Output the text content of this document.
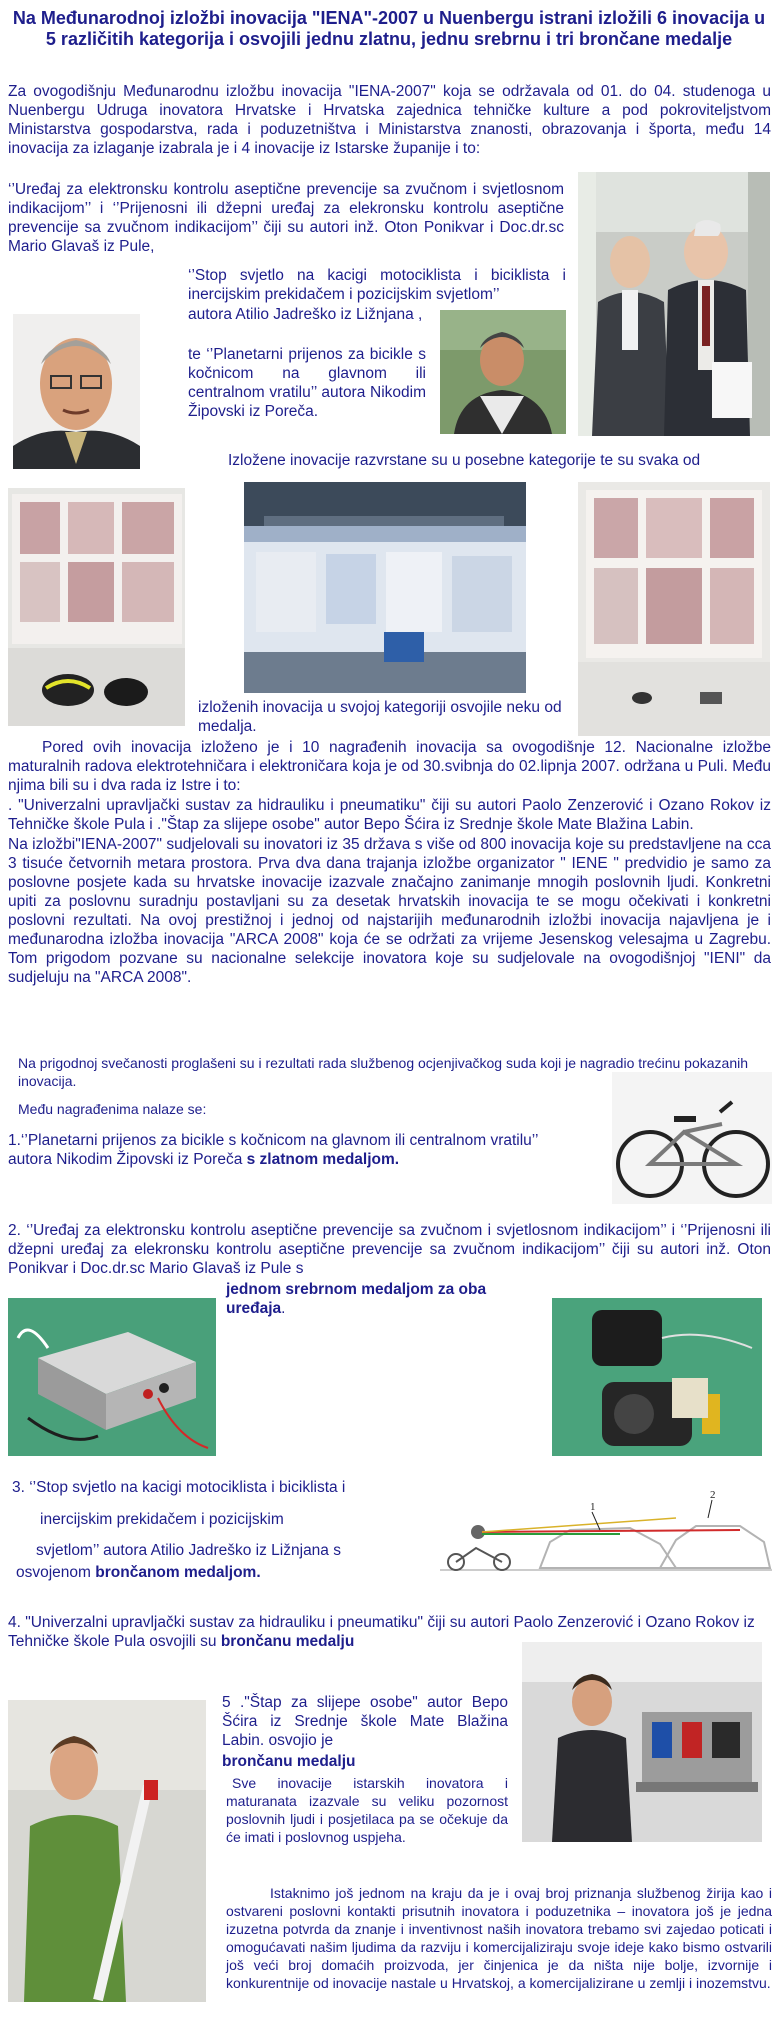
Na Međunarodnoj izložbi inovacija "IENA"-2007 u Nuenbergu istrani izložili 6 inovacija u 5 različitih kategorija i osvojili jednu zlatnu, jednu srebrnu i tri brončane medalje
Za ovogodišnju Međunarodnu izložbu inovacija "IENA-2007" koja se održavala od 01. do 04. studenoga u Nuenbergu Udruga inovatora Hrvatske i Hrvatska zajednica tehničke kulture a pod pokroviteljstvom Ministarstva gospodarstva, rada i poduzetništva i Ministarstva znanosti, obrazovanja i športa, među 14 inovacija za izlaganje izabrala je i 4 inovacije iz Istarske županije i to:
‘’Uređaj za elektronsku kontrolu aseptične prevencije sa zvučnom i svjetlosnom indikacijom’’ i ‘’Prijenosni ili džepni uređaj za elekronsku kontrolu aseptične prevencije sa zvučnom indikacijom’’ čiji su autori inž. Oton Ponikvar i Doc.dr.sc Mario Glavaš iz Pule,
‘’Stop svjetlo na kacigi motociklista i biciklista i inercijskim prekidačem i pozicijskim svjetlom’’
autora Atilio Jadreško iz Ližnjana ,
te ‘’Planetarni prijenos za bicikle s kočnicom na glavnom ili centralnom vratilu’’ autora Nikodim Žipovski iz Poreča.
Izložene inovacije razvrstane su u posebne kategorije te su svaka od
izloženih inovacija u svojoj kategoriji osvojile neku od medalja.
Pored ovih inovacija izloženo je i 10 nagrađenih inovacija sa ovogodišnje 12. Nacionalne izložbe maturalnih radova elektrotehničara i elektroničara koja je od 30.svibnja do 02.lipnja 2007. održana u Puli. Među njima bili su i dva rada iz Istre i to:
. "Univerzalni upravljački sustav za hidrauliku i pneumatiku" čiji su autori Paolo Zenzerović i Ozano Rokov iz Tehničke škole Pula i ."Štap za slijepe osobe" autor Bepo Šćira iz Srednje škole Mate Blažina Labin.
Na izložbi"IENA-2007" sudjelovali su inovatori iz 35 država s više od 800 inovacija koje su predstavljene na cca 3 tisuće četvornih metara prostora. Prva dva dana trajanja izložbe organizator " IENE " predvidio je samo za poslovne posjete kada su hrvatske inovacije izazvale značajno zanimanje mnogih poslovnih ljudi. Konkretni upiti za poslovnu suradnju postavljani su za desetak hrvatskih inovacija te se mogu očekivati i konkretni poslovni rezultati. Na ovoj prestižnoj i jednoj od najstarijih međunarodnih izložbi inovacija najavljena je i međunarodna izložba inovacija "ARCA 2008" koja će se održati za vrijeme Jesenskog velesajma u Zagrebu. Tom prigodom pozvane su nacionalne selekcije inovatora koje su sudjelovale na ovogodišnjoj "IENI" da sudjeluju na "ARCA 2008".
Na prigodnoj svečanosti proglašeni su i rezultati rada službenog ocjenjivačkog suda koji je nagradio trećinu pokazanih inovacija.
Među nagrađenima nalaze se:
1.‘’Planetarni prijenos za bicikle s kočnicom na glavnom ili centralnom vratilu’’ autora Nikodim Žipovski iz Poreča s zlatnom medaljom.
2. ‘’Uređaj za elektronsku kontrolu aseptične prevencije sa zvučnom i svjetlosnom indikacijom’’ i ‘’Prijenosni ili džepni uređaj za elekronsku kontrolu aseptične prevencije sa zvučnom indikacijom’’ čiji su autori inž. Oton Ponikvar i Doc.dr.sc Mario Glavaš iz Pule s
jednom srebrnom medaljom za oba uređaja.
3. ‘’Stop svjetlo na kacigi motociklista i biciklista i
inercijskim prekidačem i pozicijskim
svjetlom’’ autora Atilio Jadreško iz Ližnjana s
osvojenom brončanom medaljom.
1
2
4. "Univerzalni upravljački sustav za hidrauliku i pneumatiku" čiji su autori Paolo Zenzerović i Ozano Rokov iz Tehničke škole Pula osvojili su brončanu medalju
5 ."Štap za slijepe osobe" autor Bepo Šćira iz Srednje škole Mate Blažina Labin. osvojio je
brončanu medalju
Sve inovacije istarskih inovatora i maturanata izazvale su veliku pozornost poslovnih ljudi i posjetilaca pa se očekuje da će imati i poslovnog uspjeha.
Istaknimo još jednom na kraju da je i ovaj broj priznanja službenog žirija kao i ostvareni poslovni kontakti prisutnih inovatora i poduzetnika – inovatora još je jedna izuzetna potvrda da znanje i inventivnost naših inovatora trebamo svi zajedao poticati i omogućavati našim ljudima da razviju i komercijaliziraju svoje ideje kako bismo ostvarili još veći broj domaćih proizvoda, jer činjenica je da ništa nije bolje, izvornije i konkurentnije od inovacije nastale u Hrvatskoj, a komercijalizirane u zemlji i inozemstvu.
